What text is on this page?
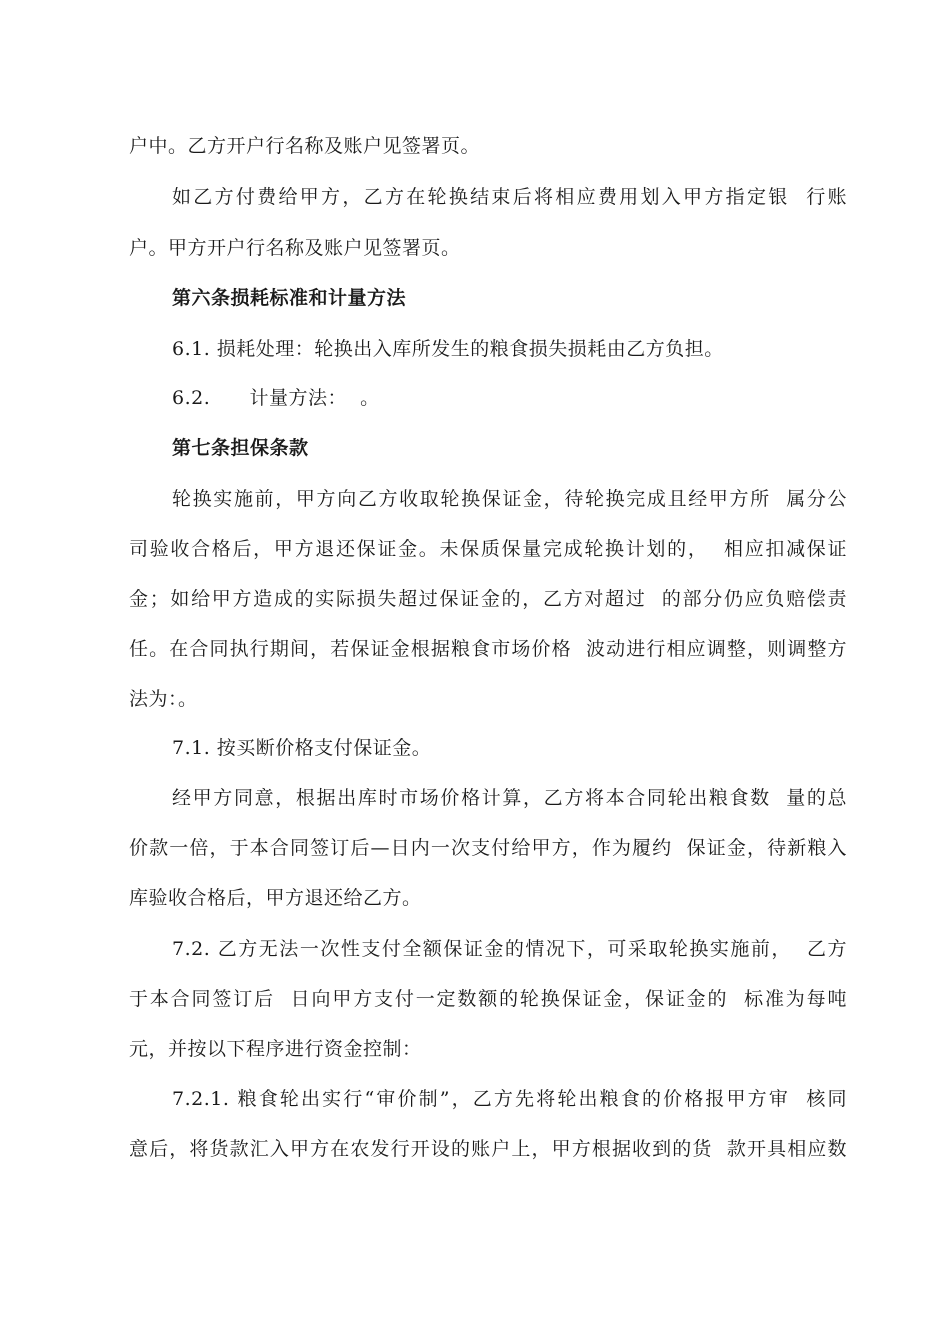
户中。乙方开户行名称及账户见签署页。
如乙方付费给甲方，乙方在轮换结束后将相应费用划入甲方指定银  行账
户。甲方开户行名称及账户见签署页。
第六条损耗标准和计量方法
6.1. 损耗处理：轮换出入库所发生的粮食损失损耗由乙方负担。
6.2.      计量方法：  。
第七条担保条款
轮换实施前，甲方向乙方收取轮换保证金，待轮换完成且经甲方所  属分公
司验收合格后，甲方退还保证金。未保质保量完成轮换计划的，  相应扣减保证
金；如给甲方造成的实际损失超过保证金的，乙方对超过  的部分仍应负赔偿责
任。在合同执行期间，若保证金根据粮食市场价格  波动进行相应调整，则调整方
法为：。
7.1. 按买断价格支付保证金。
经甲方同意，根据出库时市场价格计算，乙方将本合同轮出粮食数  量的总
价款一倍，于本合同签订后—日内一次支付给甲方，作为履约  保证金，待新粮入
库验收合格后，甲方退还给乙方。
7.2. 乙方无法一次性支付全额保证金的情况下，可采取轮换实施前，  乙方
于本合同签订后  日向甲方支付一定数额的轮换保证金，保证金的  标准为每吨
元，并按以下程序进行资金控制：
7.2.1. 粮食轮出实行“审价制”，乙方先将轮出粮食的价格报甲方审  核同
意后，将货款汇入甲方在农发行开设的账户上，甲方根据收到的货  款开具相应数
